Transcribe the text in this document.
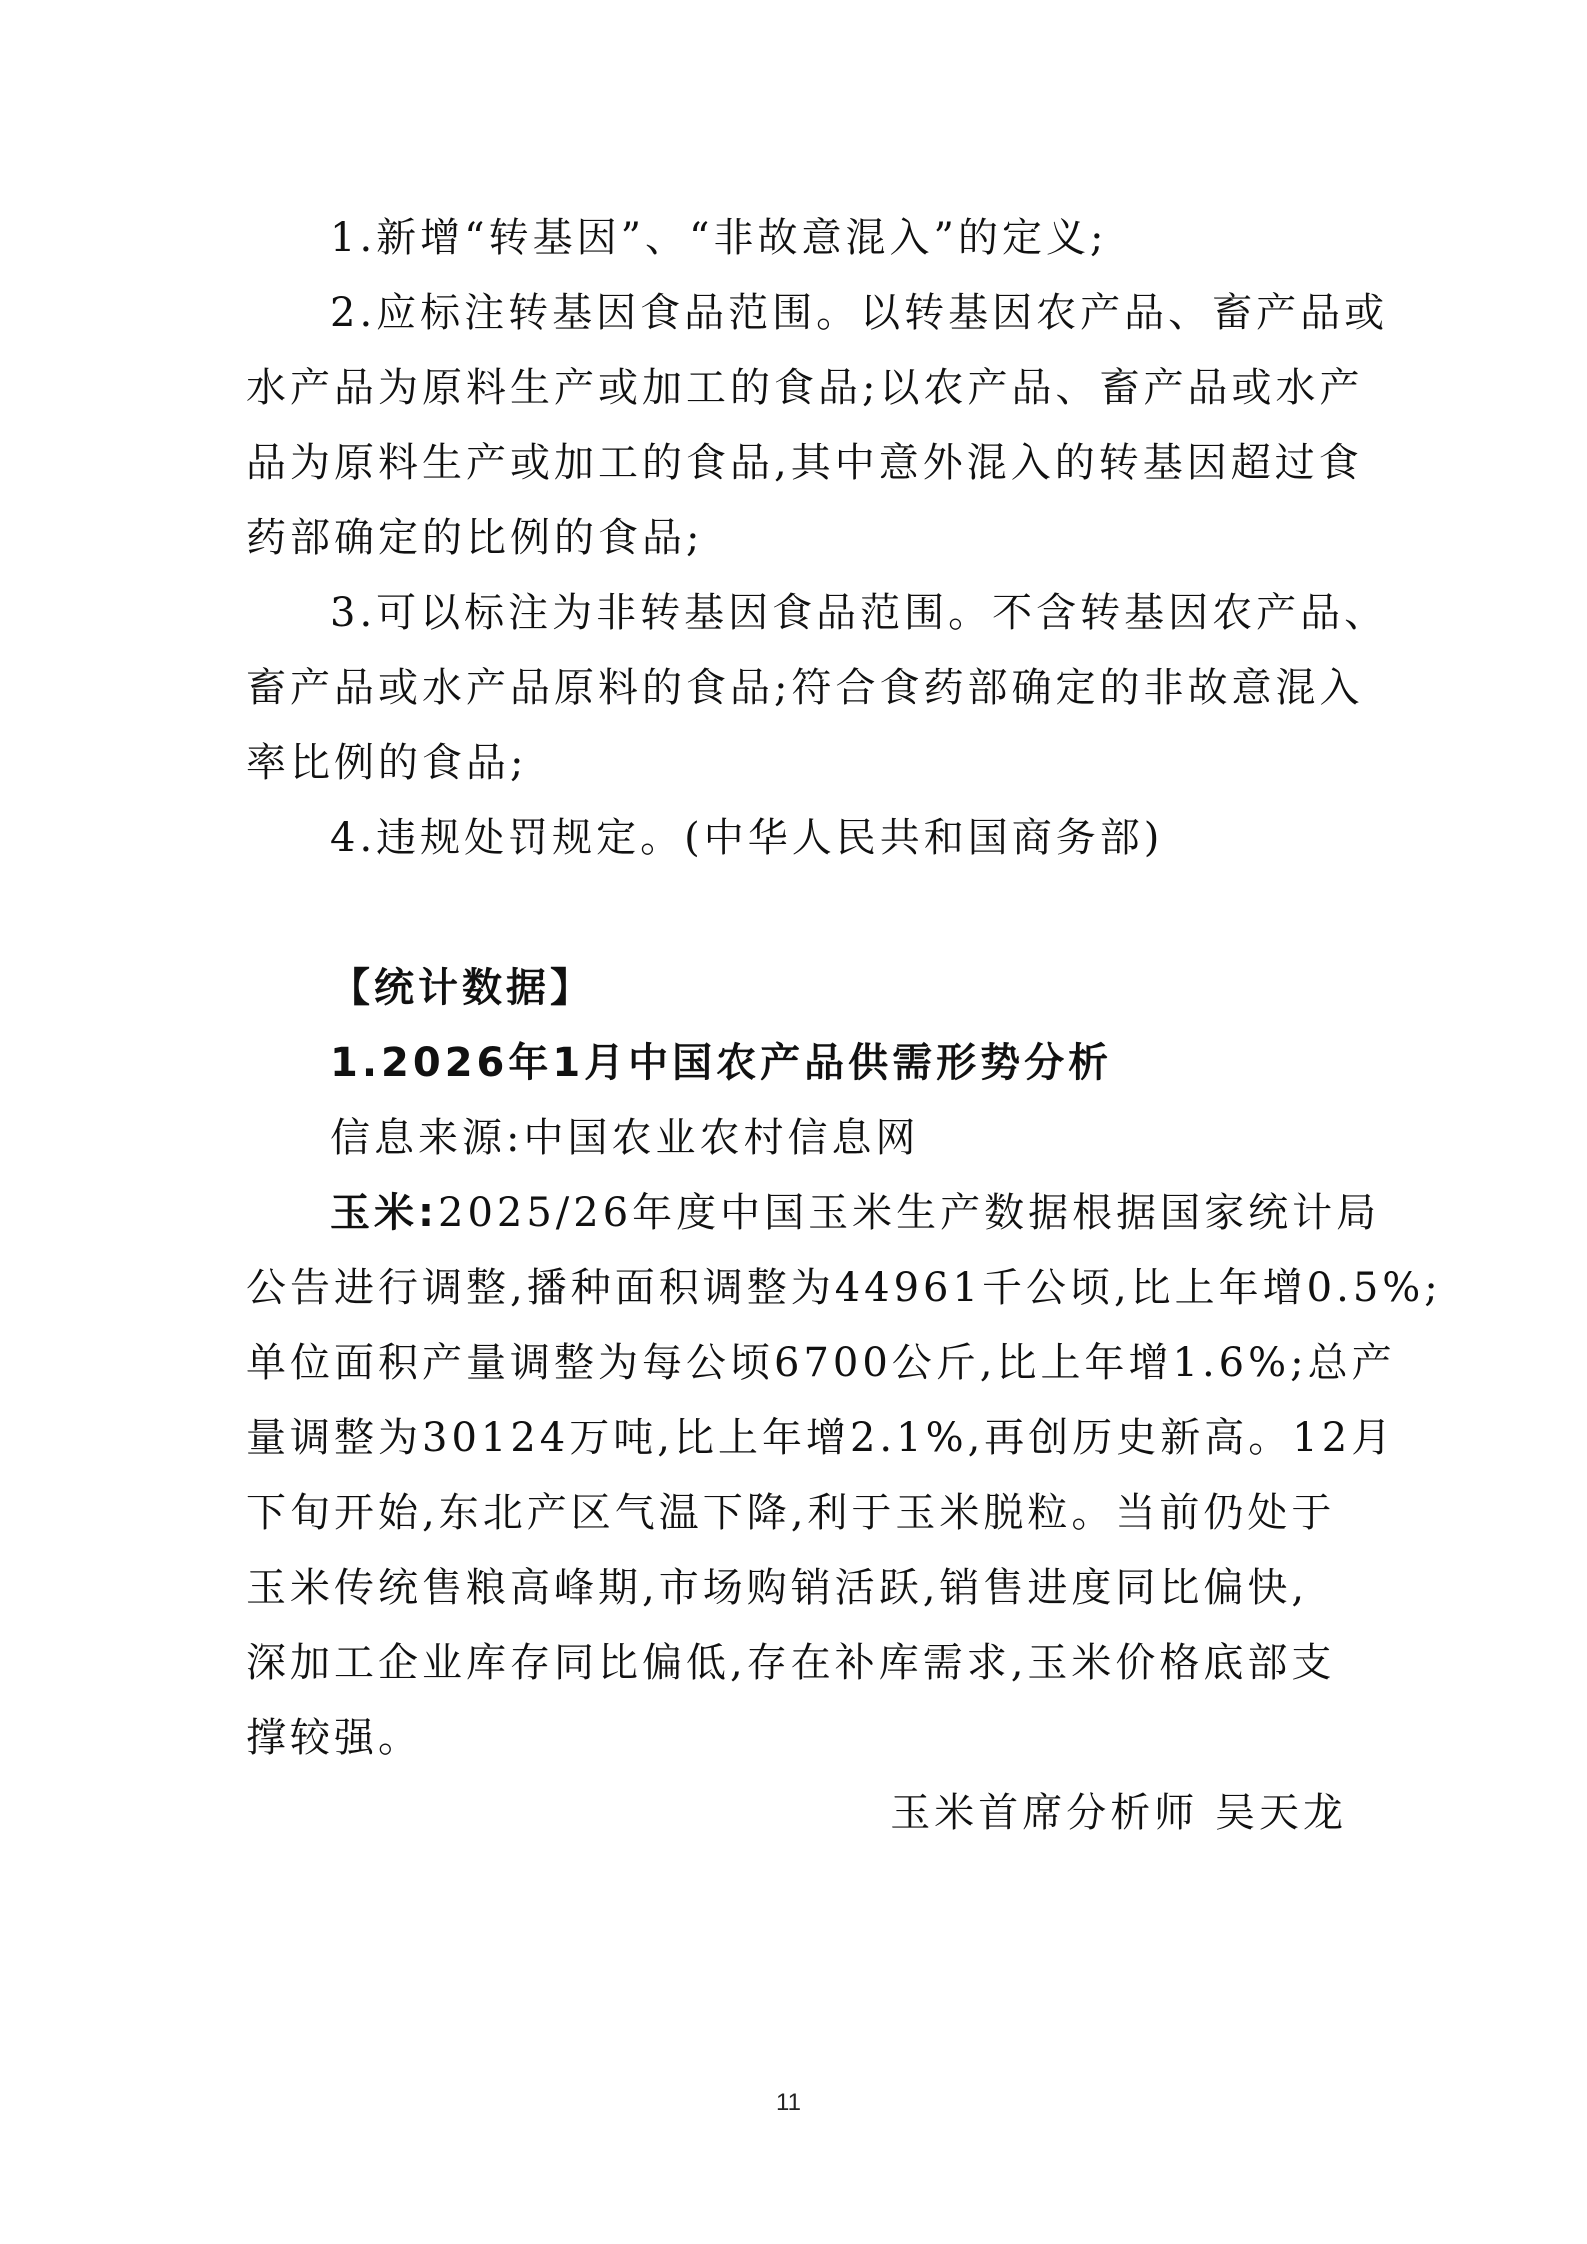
1.新增“转基因”、“非故意混入”的定义;
2.应标注转基因食品范围。以转基因农产品、畜产品或
水产品为原料生产或加工的食品;以农产品、畜产品或水产
品为原料生产或加工的食品,其中意外混入的转基因超过食
药部确定的比例的食品;
3.可以标注为非转基因食品范围。不含转基因农产品、
畜产品或水产品原料的食品;符合食药部确定的非故意混入
率比例的食品;
4.违规处罚规定。(中华人民共和国商务部)
【统计数据】
1.2026年1月中国农产品供需形势分析
信息来源:中国农业农村信息网
玉米:2025/26年度中国玉米生产数据根据国家统计局
公告进行调整,播种面积调整为44961千公顷,比上年增0.5%;
单位面积产量调整为每公顷6700公斤,比上年增1.6%;总产
量调整为30124万吨,比上年增2.1%,再创历史新高。12月
下旬开始,东北产区气温下降,利于玉米脱粒。当前仍处于
玉米传统售粮高峰期,市场购销活跃,销售进度同比偏快,
深加工企业库存同比偏低,存在补库需求,玉米价格底部支
撑较强。
玉米首席分析师 吴天龙
11
